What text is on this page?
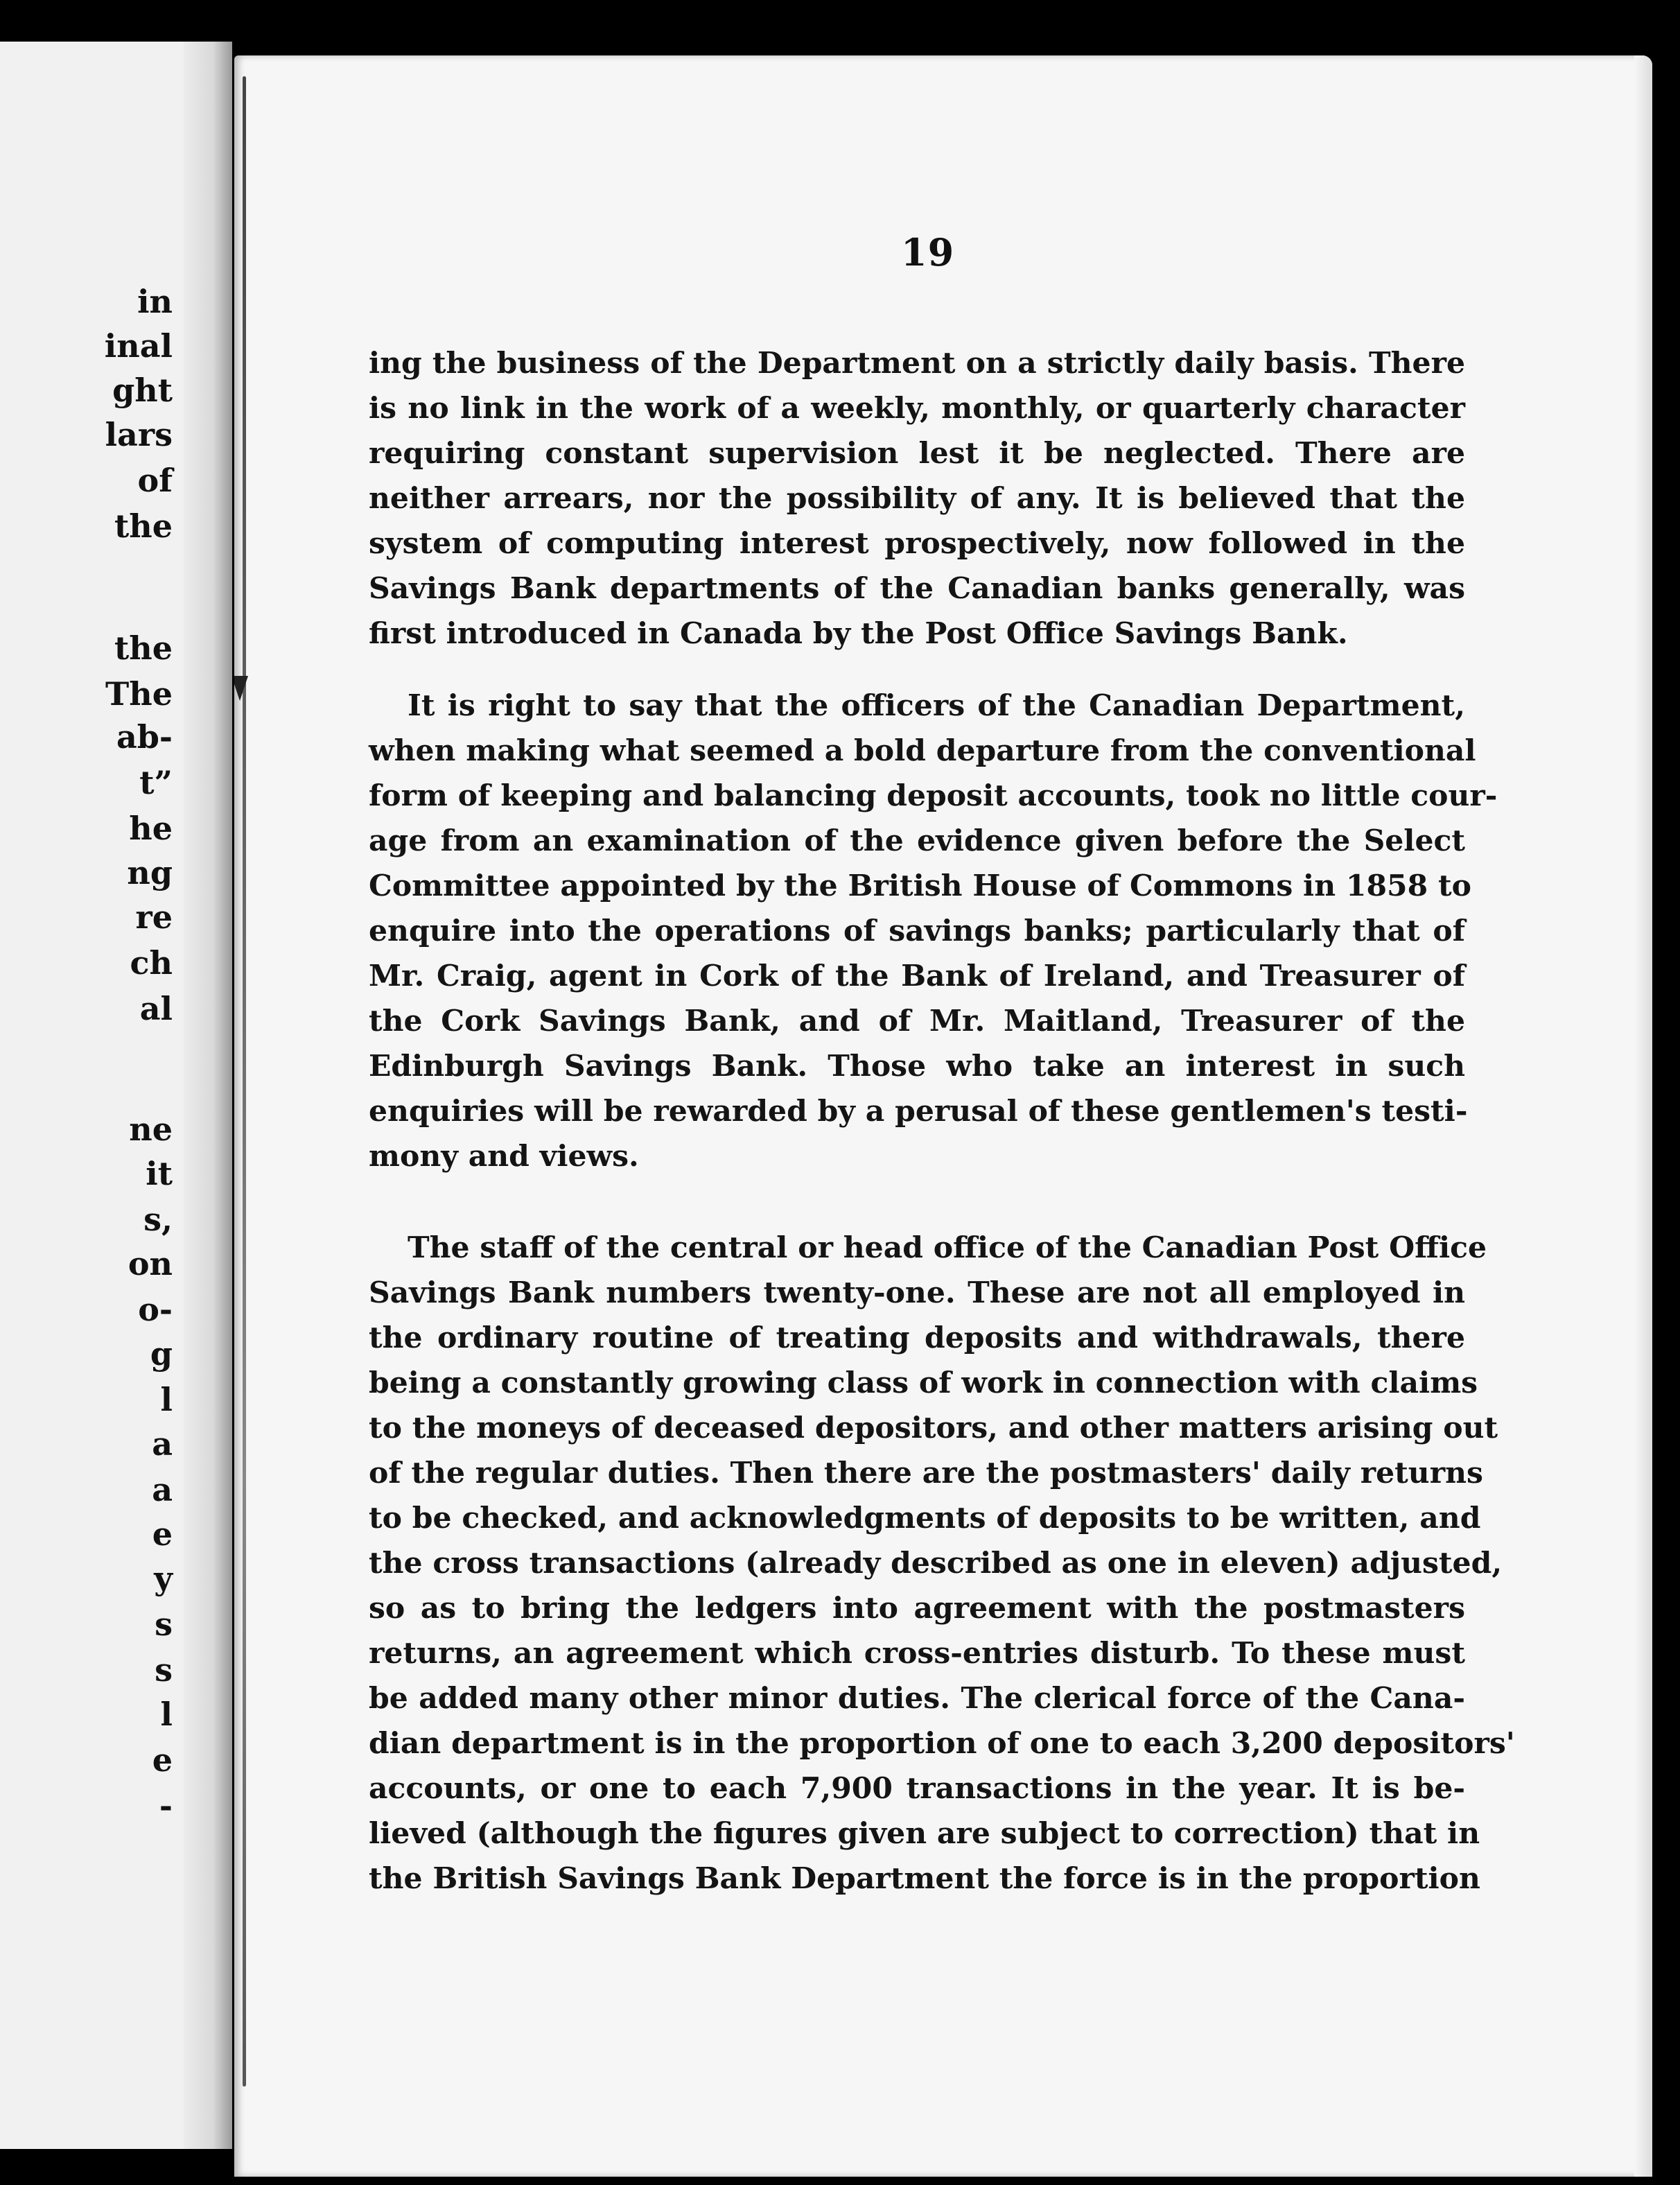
in
inal
ght
lars
of
the
the
The
ab-
t”
he
ng
re
ch
al
ne
it
s,
on
o-
g
l
a
a
e
y
s
s
l
e
-
19
ing the business of the Department on a strictly daily basis. There
is no link in the work of a weekly, monthly, or quarterly character
requiring constant supervision lest it be neglected. There are
neither arrears, nor the possibility of any. It is believed that the
system of computing interest prospectively, now followed in the
Savings Bank departments of the Canadian banks generally, was
first introduced in Canada by the Post Office Savings Bank.
It is right to say that the officers of the Canadian Department,
when making what seemed a bold departure from the conventional
form of keeping and balancing deposit accounts, took no little cour-
age from an examination of the evidence given before the Select
Committee appointed by the British House of Commons in 1858 to
enquire into the operations of savings banks; particularly that of
Mr. Craig, agent in Cork of the Bank of Ireland, and Treasurer of
the Cork Savings Bank, and of Mr. Maitland, Treasurer of the
Edinburgh Savings Bank. Those who take an interest in such
enquiries will be rewarded by a perusal of these gentlemen's testi-
mony and views.
The staff of the central or head office of the Canadian Post Office
Savings Bank numbers twenty-one. These are not all employed in
the ordinary routine of treating deposits and withdrawals, there
being a constantly growing class of work in connection with claims
to the moneys of deceased depositors, and other matters arising out
of the regular duties. Then there are the postmasters' daily returns
to be checked, and acknowledgments of deposits to be written, and
the cross transactions (already described as one in eleven) adjusted,
so as to bring the ledgers into agreement with the postmasters
returns, an agreement which cross-entries disturb. To these must
be added many other minor duties. The clerical force of the Cana-
dian department is in the proportion of one to each 3,200 depositors'
accounts, or one to each 7,900 transactions in the year. It is be-
lieved (although the figures given are subject to correction) that in
the British Savings Bank Department the force is in the proportion
